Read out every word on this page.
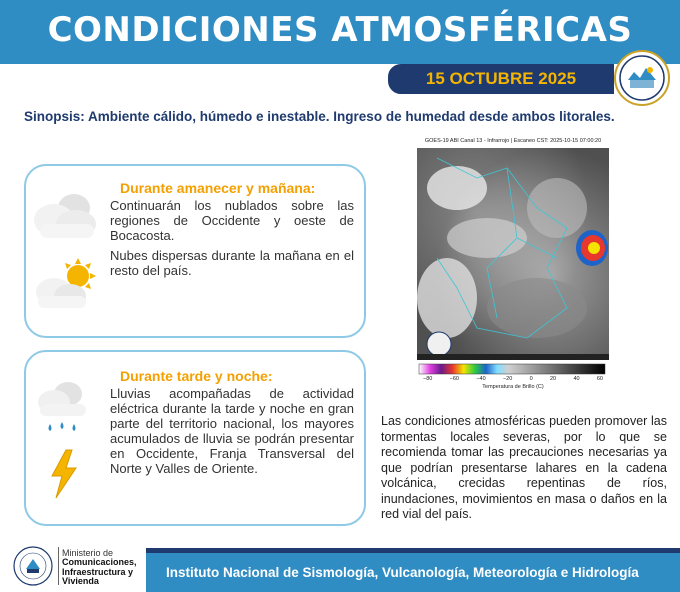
CONDICIONES ATMOSFÉRICAS
15 OCTUBRE 2025
Sinopsis: Ambiente cálido, húmedo e inestable. Ingreso de humedad desde ambos litorales.
Durante amanecer y mañana:

Continuarán los nublados sobre las regiones de Occidente y oeste de Bocacosta.

Nubes dispersas durante la mañana en el resto del país.

Durante tarde y noche:

Lluvias acompañadas de actividad eléctrica durante la tarde y noche en gran parte del territorio nacional, los mayores acumulados de lluvia se podrán presentar en Occidente, Franja Transversal del Norte y Valles de Oriente.

GOES-19 ABI Canal 13 - Infrarrojo | Escaneo CST: 2025-10-15 07:00:20
−80	−60	−40	−20	0	20	40	60
Temperatura de Brillo (C)
Las condiciones atmosféricas pueden promover las tormentas locales severas, por lo que se recomienda tomar las precauciones necesarias ya que podrían presentarse lahares en la cadena volcánica, crecidas repentinas de ríos, inundaciones, movimientos en masa o daños en la red vial del país.
Ministerio de
Comunicaciones,
Infraestructura y
Vivienda
Instituto Nacional de Sismología, Vulcanología, Meteorología e Hidrología
